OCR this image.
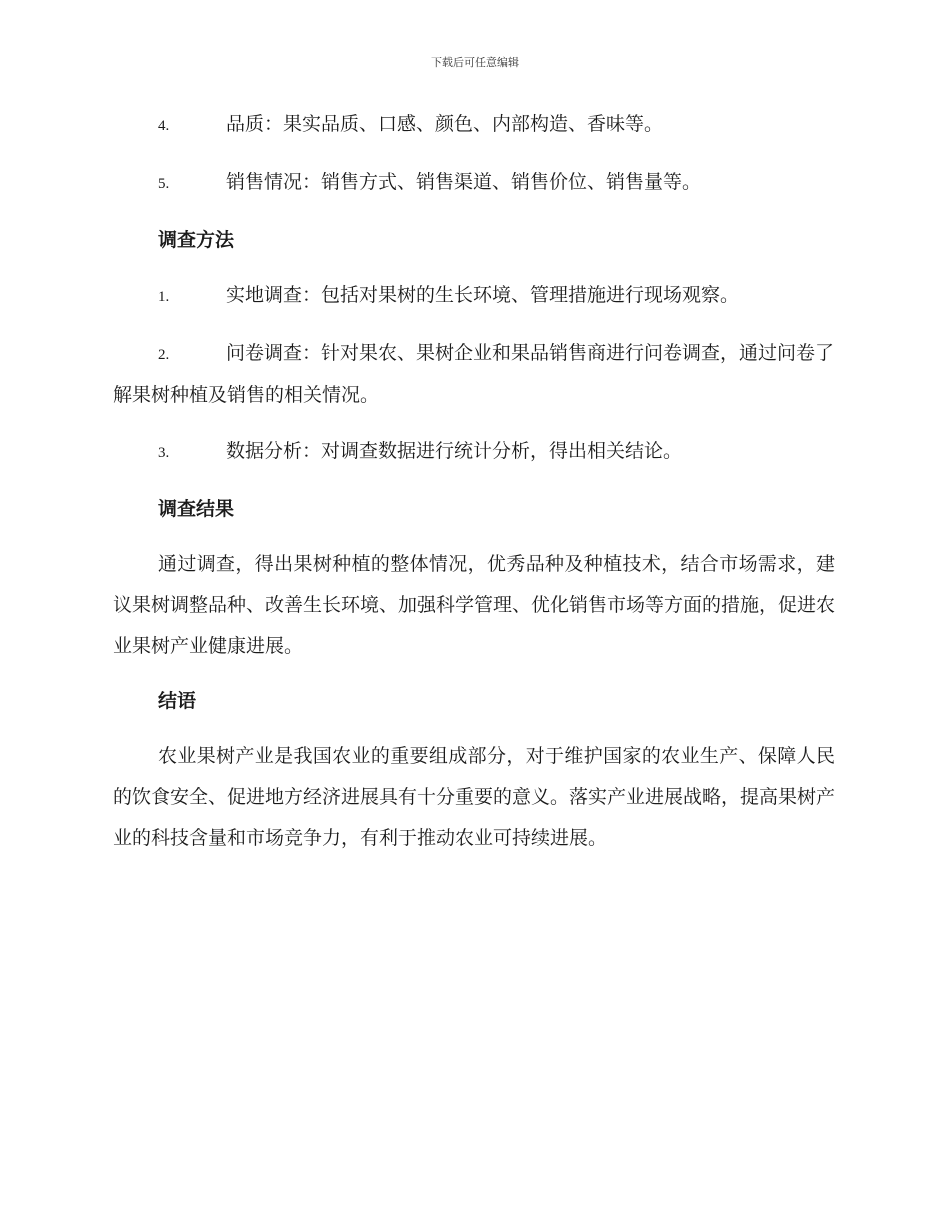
下载后可任意编辑
4.	品质：果实品质、口感、颜色、内部构造、香味等。
5.	销售情况：销售方式、销售渠道、销售价位、销售量等。
调查方法
1.	实地调查：包括对果树的生长环境、管理措施进行现场观察。
2.	问卷调查：针对果农、果树企业和果品销售商进行问卷调查，通过问卷了解果树种植及销售的相关情况。
3.	数据分析：对调查数据进行统计分析，得出相关结论。
调查结果
通过调查，得出果树种植的整体情况，优秀品种及种植技术，结合市场需求，建议果树调整品种、改善生长环境、加强科学管理、优化销售市场等方面的措施，促进农业果树产业健康进展。
结语
农业果树产业是我国农业的重要组成部分，对于维护国家的农业生产、保障人民的饮食安全、促进地方经济进展具有十分重要的意义。落实产业进展战略，提高果树产业的科技含量和市场竞争力，有利于推动农业可持续进展。
